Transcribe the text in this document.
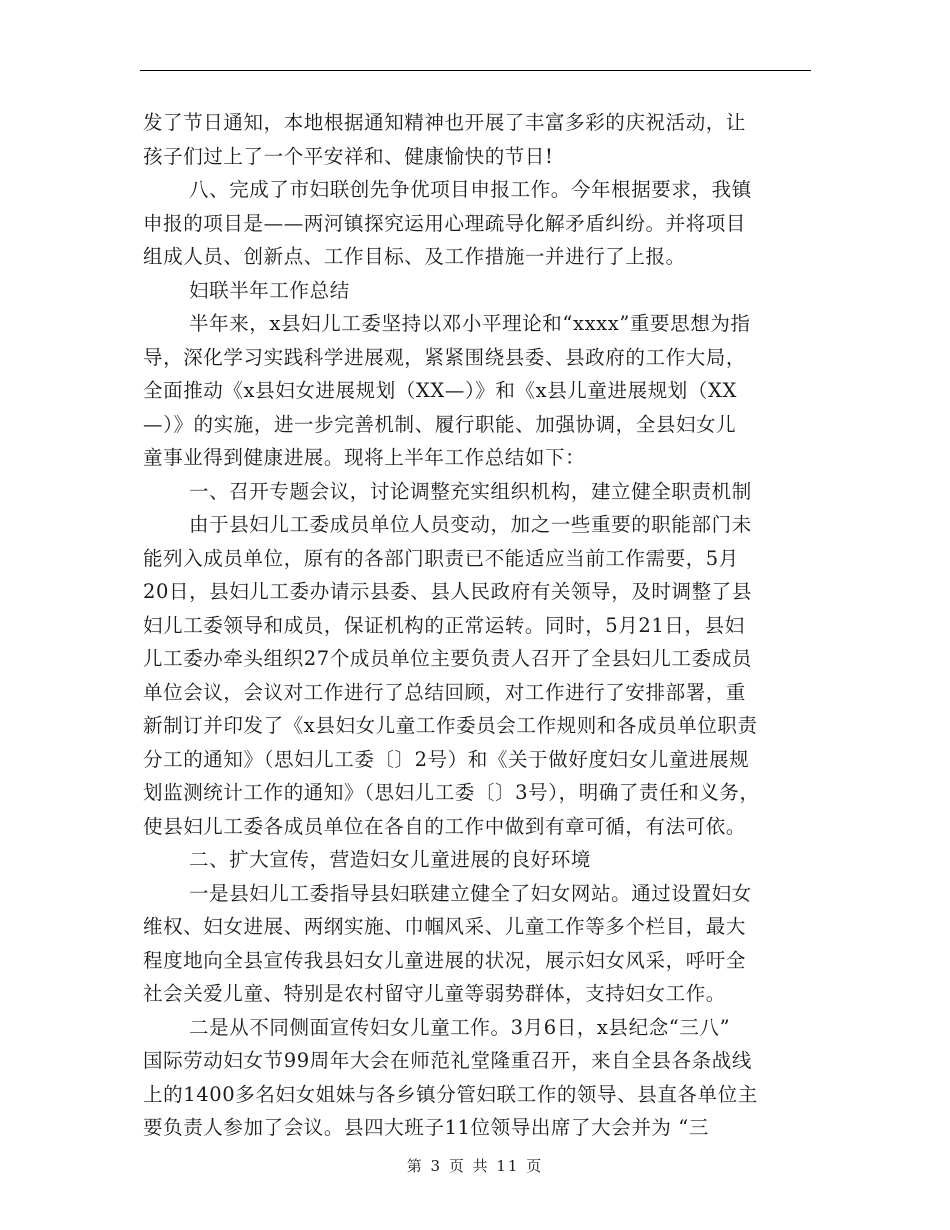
发了节日通知，本地根据通知精神也开展了丰富多彩的庆祝活动，让
孩子们过上了一个平安祥和、健康愉快的节日!
八、完成了市妇联创先争优项目申报工作。今年根据要求，我镇
申报的项目是——两河镇探究运用心理疏导化解矛盾纠纷。并将项目
组成人员、创新点、工作目标、及工作措施一并进行了上报。
妇联半年工作总结
半年来，x县妇儿工委坚持以邓小平理论和“xxxx”重要思想为指
导，深化学习实践科学进展观，紧紧围绕县委、县政府的工作大局，
全面推动《x县妇女进展规划（XX—）》和《x县儿童进展规划（XX
—）》的实施，进一步完善机制、履行职能、加强协调，全县妇女儿
童事业得到健康进展。现将上半年工作总结如下：
一、召开专题会议，讨论调整充实组织机构，建立健全职责机制
由于县妇儿工委成员单位人员变动，加之一些重要的职能部门未
能列入成员单位，原有的各部门职责已不能适应当前工作需要，5月
20日，县妇儿工委办请示县委、县人民政府有关领导，及时调整了县
妇儿工委领导和成员，保证机构的正常运转。同时，5月21日，县妇
儿工委办牵头组织27个成员单位主要负责人召开了全县妇儿工委成员
单位会议，会议对工作进行了总结回顾，对工作进行了安排部署，重
新制订并印发了《x县妇女儿童工作委员会工作规则和各成员单位职责
分工的通知》（思妇儿工委〔〕2号）和《关于做好度妇女儿童进展规
划监测统计工作的通知》（思妇儿工委〔〕3号），明确了责任和义务，
使县妇儿工委各成员单位在各自的工作中做到有章可循，有法可依。
二、扩大宣传，营造妇女儿童进展的良好环境
一是县妇儿工委指导县妇联建立健全了妇女网站。通过设置妇女
维权、妇女进展、两纲实施、巾帼风采、儿童工作等多个栏目，最大
程度地向全县宣传我县妇女儿童进展的状况，展示妇女风采，呼吁全
社会关爱儿童、特别是农村留守儿童等弱势群体，支持妇女工作。
二是从不同侧面宣传妇女儿童工作。3月6日，x县纪念“三八”
国际劳动妇女节99周年大会在师范礼堂隆重召开，来自全县各条战线
上的1400多名妇女姐妹与各乡镇分管妇联工作的领导、县直各单位主
要负责人参加了会议。县四大班子11位领导出席了大会并为 “三
第 3 页 共 11 页
